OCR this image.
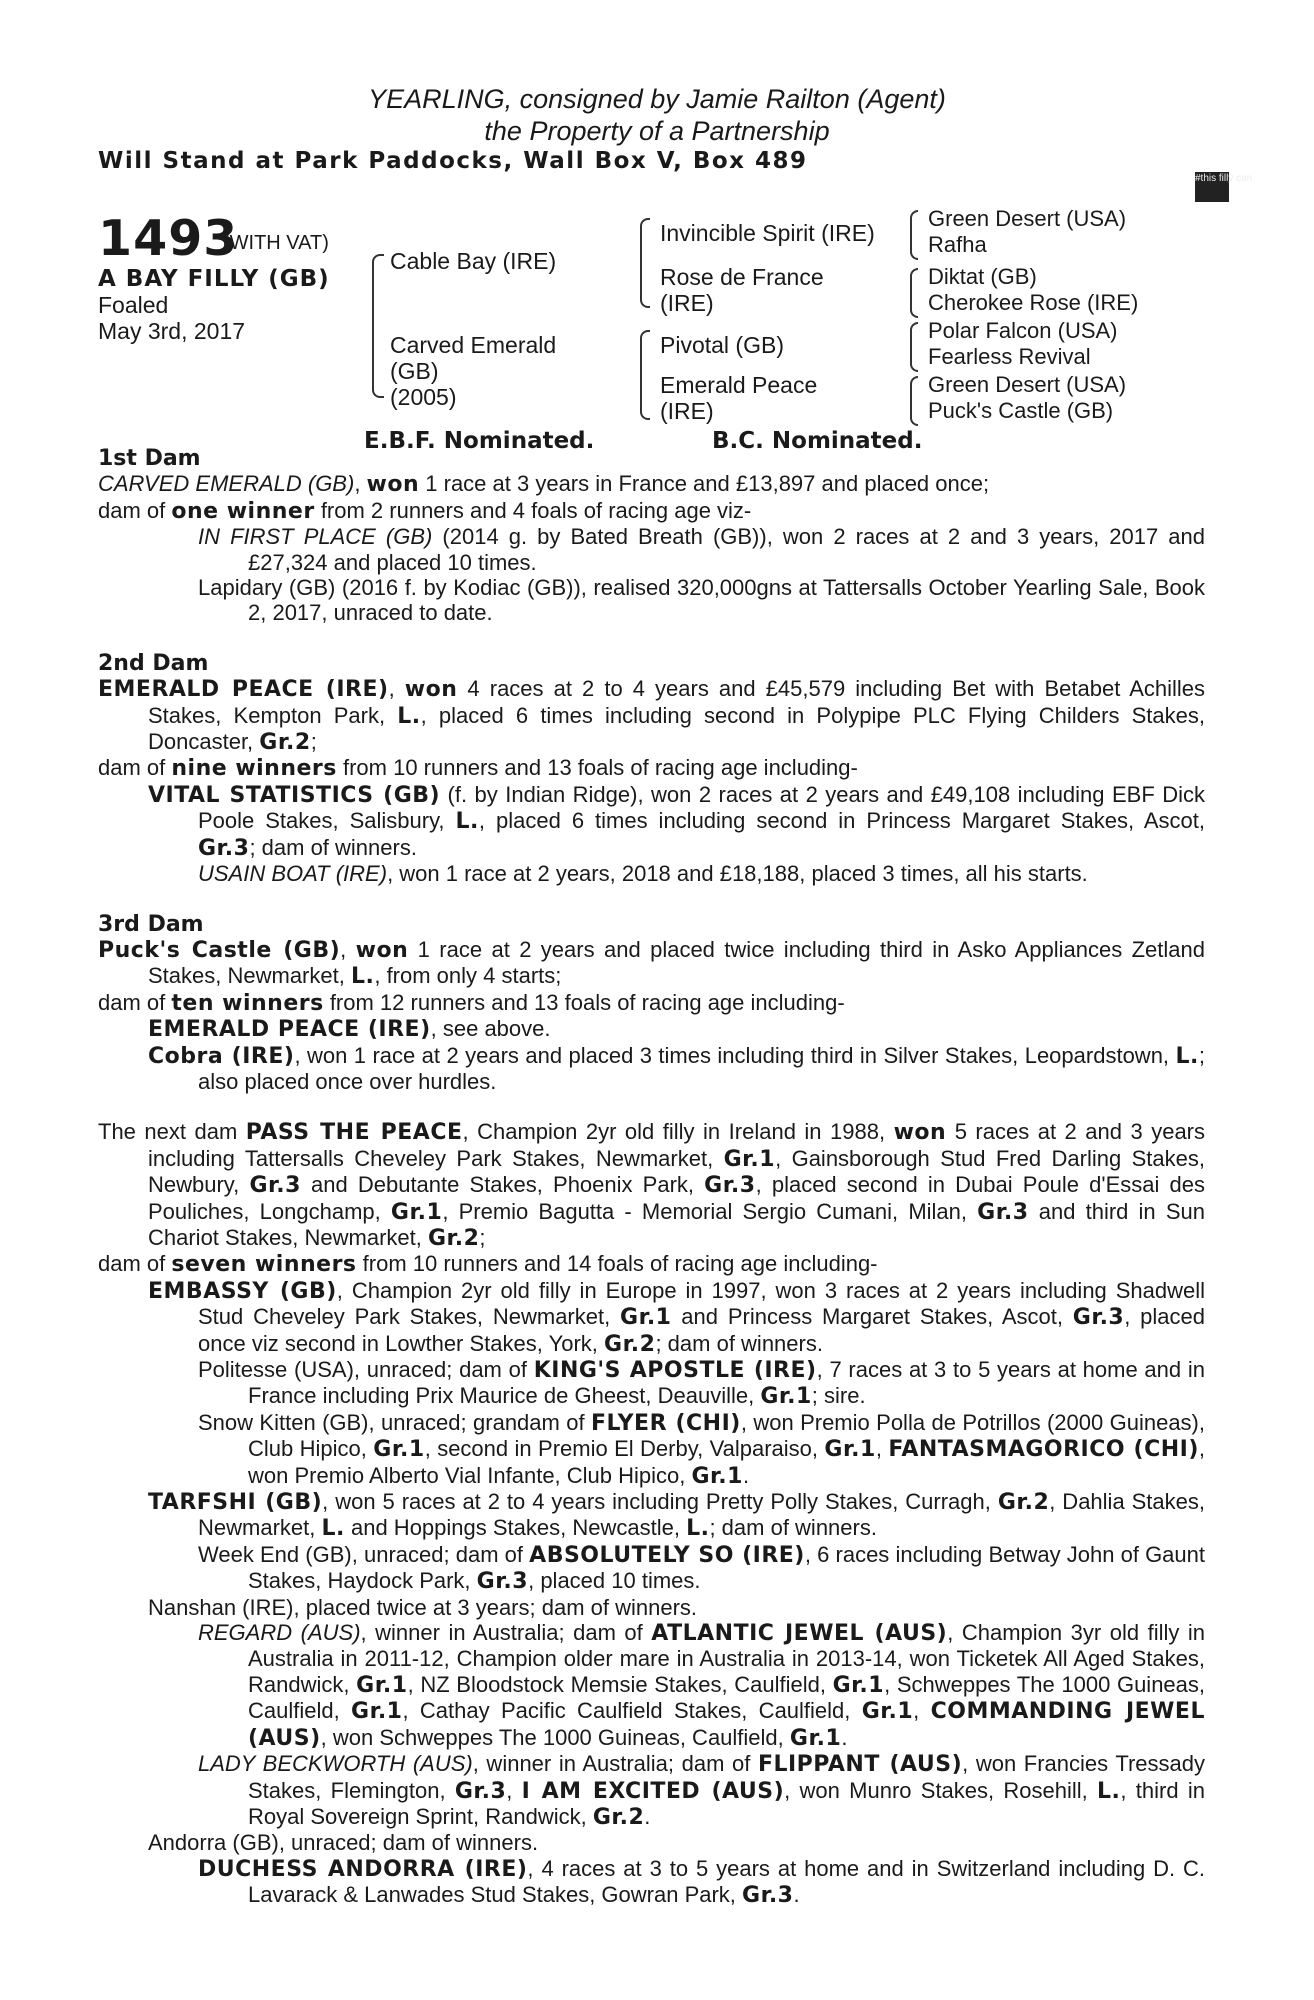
YEARLING, consigned by Jamie Railton (Agent)
the Property of a Partnership
Will Stand at Park Paddocks, Wall Box V, Box 489
#this filly can
1493
(WITH VAT)
A BAY FILLY (GB)
Foaled
May 3rd, 2017
Cable Bay (IRE)
Carved Emerald
(GB)
(2005)
Invincible Spirit (IRE)
Rose de France
(IRE)
Pivotal (GB)
Emerald Peace
(IRE)
Green Desert (USA)
Rafha
Diktat (GB)
Cherokee Rose (IRE)
Polar Falcon (USA)
Fearless Revival
Green Desert (USA)
Puck's Castle (GB)
E.B.F. Nominated.	B.C. Nominated.

1st Dam

CARVED EMERALD (GB), won 1 race at 3 years in France and £13,897 and placed once;

dam of one winner from 2 runners and 4 foals of racing age viz-

IN FIRST PLACE (GB) (2014 g. by Bated Breath (GB)), won 2 races at 2 and 3 years, 2017 and £27,324 and placed 10 times.

Lapidary (GB) (2016 f. by Kodiac (GB)), realised 320,000gns at Tattersalls October Yearling Sale, Book 2, 2017, unraced to date.

2nd Dam

EMERALD PEACE (IRE), won 4 races at 2 to 4 years and £45,579 including Bet with Betabet Achilles Stakes, Kempton Park, L., placed 6 times including second in Polypipe PLC Flying Childers Stakes, Doncaster, Gr.2;

dam of nine winners from 10 runners and 13 foals of racing age including-

VITAL STATISTICS (GB) (f. by Indian Ridge), won 2 races at 2 years and £49,108 including EBF Dick Poole Stakes, Salisbury, L., placed 6 times including second in Princess Margaret Stakes, Ascot, Gr.3; dam of winners.

USAIN BOAT (IRE), won 1 race at 2 years, 2018 and £18,188, placed 3 times, all his starts.

3rd Dam

Puck's Castle (GB), won 1 race at 2 years and placed twice including third in Asko Appliances Zetland Stakes, Newmarket, L., from only 4 starts;

dam of ten winners from 12 runners and 13 foals of racing age including-

EMERALD PEACE (IRE), see above.

Cobra (IRE), won 1 race at 2 years and placed 3 times including third in Silver Stakes, Leopardstown, L.; also placed once over hurdles.

The next dam PASS THE PEACE, Champion 2yr old filly in Ireland in 1988, won 5 races at 2 and 3 years including Tattersalls Cheveley Park Stakes, Newmarket, Gr.1, Gainsborough Stud Fred Darling Stakes, Newbury, Gr.3 and Debutante Stakes, Phoenix Park, Gr.3, placed second in Dubai Poule d'Essai des Pouliches, Longchamp, Gr.1, Premio Bagutta - Memorial Sergio Cumani, Milan, Gr.3 and third in Sun Chariot Stakes, Newmarket, Gr.2;

dam of seven winners from 10 runners and 14 foals of racing age including-

EMBASSY (GB), Champion 2yr old filly in Europe in 1997, won 3 races at 2 years including Shadwell Stud Cheveley Park Stakes, Newmarket, Gr.1 and Princess Margaret Stakes, Ascot, Gr.3, placed once viz second in Lowther Stakes, York, Gr.2; dam of winners.

Politesse (USA), unraced; dam of KING'S APOSTLE (IRE), 7 races at 3 to 5 years at home and in France including Prix Maurice de Gheest, Deauville, Gr.1; sire.

Snow Kitten (GB), unraced; grandam of FLYER (CHI), won Premio Polla de Potrillos (2000 Guineas), Club Hipico, Gr.1, second in Premio El Derby, Valparaiso, Gr.1, FANTASMAGORICO (CHI), won Premio Alberto Vial Infante, Club Hipico, Gr.1.

TARFSHI (GB), won 5 races at 2 to 4 years including Pretty Polly Stakes, Curragh, Gr.2, Dahlia Stakes, Newmarket, L. and Hoppings Stakes, Newcastle, L.; dam of winners.

Week End (GB), unraced; dam of ABSOLUTELY SO (IRE), 6 races including Betway John of Gaunt Stakes, Haydock Park, Gr.3, placed 10 times.

Nanshan (IRE), placed twice at 3 years; dam of winners.

REGARD (AUS), winner in Australia; dam of ATLANTIC JEWEL (AUS), Champion 3yr old filly in Australia in 2011-12, Champion older mare in Australia in 2013-14, won Ticketek All Aged Stakes, Randwick, Gr.1, NZ Bloodstock Memsie Stakes, Caulfield, Gr.1, Schweppes The 1000 Guineas, Caulfield, Gr.1, Cathay Pacific Caulfield Stakes, Caulfield, Gr.1, COMMANDING JEWEL (AUS), won Schweppes The 1000 Guineas, Caulfield, Gr.1.

LADY BECKWORTH (AUS), winner in Australia; dam of FLIPPANT (AUS), won Francies Tressady Stakes, Flemington, Gr.3, I AM EXCITED (AUS), won Munro Stakes, Rosehill, L., third in Royal Sovereign Sprint, Randwick, Gr.2.

Andorra (GB), unraced; dam of winners.

DUCHESS ANDORRA (IRE), 4 races at 3 to 5 years at home and in Switzerland including D. C. Lavarack & Lanwades Stud Stakes, Gowran Park, Gr.3.
